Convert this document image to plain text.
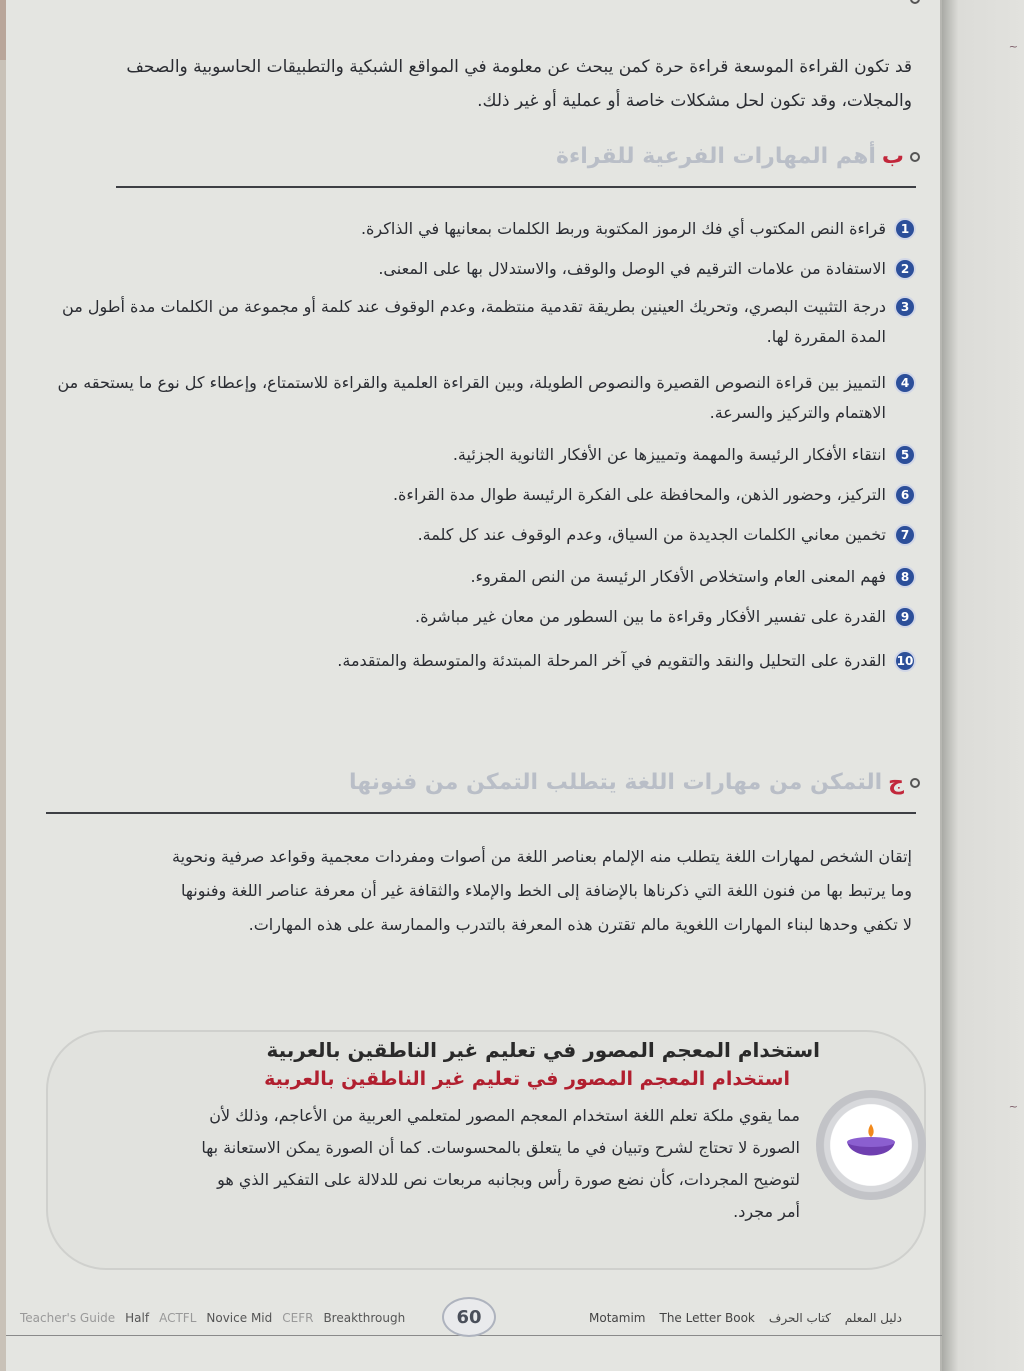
قد تكون القراءة الموسعة قراءة حرة كمن يبحث عن معلومة في المواقع الشبكية والتطبيقات الحاسوبية والصحف
والمجلات، وقد تكون لحل مشكلات خاصة أو عملية أو غير ذلك.
ب
أهم المهارات الفرعية للقراءة
1
قراءة النص المكتوب أي فك الرموز المكتوبة وربط الكلمات بمعانيها في الذاكرة.
2
الاستفادة من علامات الترقيم في الوصل والوقف، والاستدلال بها على المعنى.
3
درجة التثبيت البصري، وتحريك العينين بطريقة تقدمية منتظمة، وعدم الوقوف عند كلمة أو مجموعة من الكلمات مدة أطول من المدة المقررة لها.
4
التمييز بين قراءة النصوص القصيرة والنصوص الطويلة، وبين القراءة العلمية والقراءة للاستمتاع، وإعطاء كل نوع ما يستحقه من الاهتمام والتركيز والسرعة.
5
انتقاء الأفكار الرئيسة والمهمة وتمييزها عن الأفكار الثانوية الجزئية.
6
التركيز، وحضور الذهن، والمحافظة على الفكرة الرئيسة طوال مدة القراءة.
7
تخمين معاني الكلمات الجديدة من السياق، وعدم الوقوف عند كل كلمة.
8
فهم المعنى العام واستخلاص الأفكار الرئيسة من النص المقروء.
9
القدرة على تفسير الأفكار وقراءة ما بين السطور من معان غير مباشرة.
10
القدرة على التحليل والنقد والتقويم في آخر المرحلة المبتدئة والمتوسطة والمتقدمة.
ج
التمكن من مهارات اللغة يتطلب التمكن من فنونها
إتقان الشخص لمهارات اللغة يتطلب منه الإلمام بعناصر اللغة من أصوات ومفردات معجمية وقواعد صرفية ونحوية
وما يرتبط بها من فنون اللغة التي ذكرناها بالإضافة إلى الخط والإملاء والثقافة غير أن معرفة عناصر اللغة وفنونها
لا تكفي وحدها لبناء المهارات اللغوية مالم تقترن هذه المعرفة بالتدرب والممارسة على هذه المهارات.
استخدام المعجم المصور في تعليم غير الناطقين بالعربية
استخدام المعجم المصور في تعليم غير الناطقين بالعربية
مما يقوي ملكة تعلم اللغة استخدام المعجم المصور لمتعلمي العربية من الأعاجم، وذلك لأن
الصورة لا تحتاج لشرح وتبيان في ما يتعلق بالمحسوسات. كما أن الصورة يمكن الاستعانة بها
لتوضيح المجردات، كأن نضع صورة رأس وبجانبه مربعات نص للدلالة على التفكير الذي هو
أمر مجرد.
Teacher's Guide Half ACTFL Novice Mid CEFR Breakthrough	60	Motamim The Letter Book كتاب الحرف دليل المعلم
~
~
